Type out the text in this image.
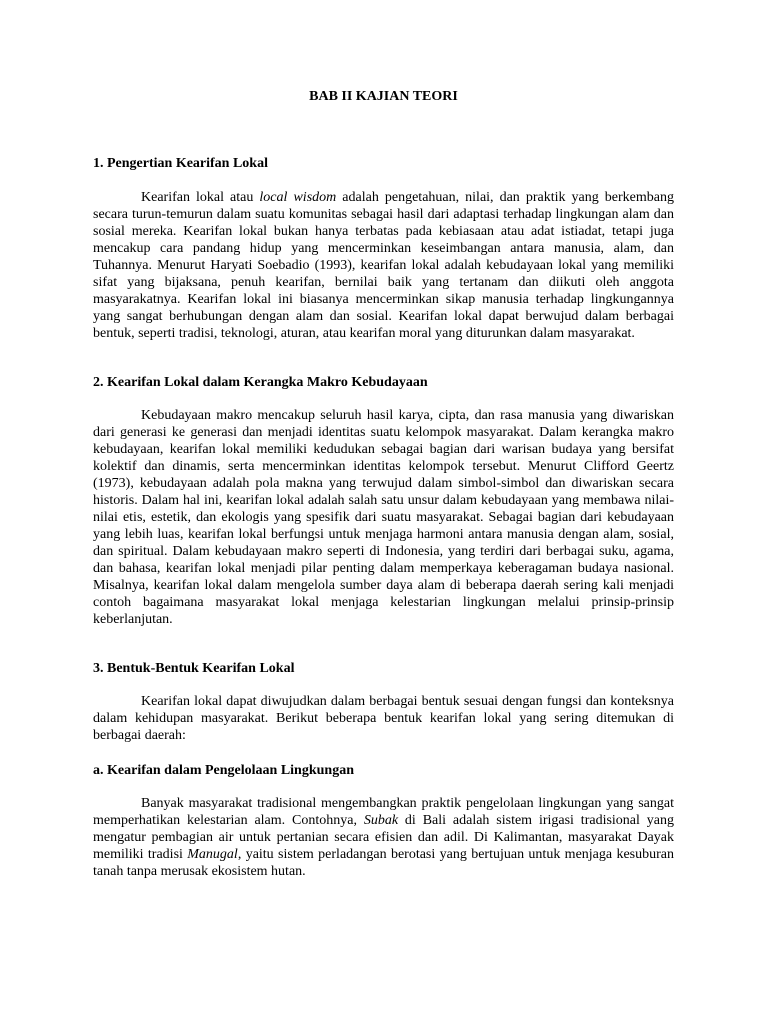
BAB II KAJIAN TEORI
1. Pengertian Kearifan Lokal

Kearifan lokal atau local wisdom adalah pengetahuan, nilai, dan praktik yang berkembang secara turun-temurun dalam suatu komunitas sebagai hasil dari adaptasi terhadap lingkungan alam dan sosial mereka. Kearifan lokal bukan hanya terbatas pada kebiasaan atau adat istiadat, tetapi juga mencakup cara pandang hidup yang mencerminkan keseimbangan antara manusia, alam, dan Tuhannya. Menurut Haryati Soebadio (1993), kearifan lokal adalah kebudayaan lokal yang memiliki sifat yang bijaksana, penuh kearifan, bernilai baik yang tertanam dan diikuti oleh anggota masyarakatnya. Kearifan lokal ini biasanya mencerminkan sikap manusia terhadap lingkungannya yang sangat berhubungan dengan alam dan sosial. Kearifan lokal dapat berwujud dalam berbagai bentuk, seperti tradisi, teknologi, aturan, atau kearifan moral yang diturunkan dalam masyarakat.

2. Kearifan Lokal dalam Kerangka Makro Kebudayaan

Kebudayaan makro mencakup seluruh hasil karya, cipta, dan rasa manusia yang diwariskan dari generasi ke generasi dan menjadi identitas suatu kelompok masyarakat. Dalam kerangka makro kebudayaan, kearifan lokal memiliki kedudukan sebagai bagian dari warisan budaya yang bersifat kolektif dan dinamis, serta mencerminkan identitas kelompok tersebut. Menurut Clifford Geertz (1973), kebudayaan adalah pola makna yang terwujud dalam simbol-simbol dan diwariskan secara historis. Dalam hal ini, kearifan lokal adalah salah satu unsur dalam kebudayaan yang membawa nilai-nilai etis, estetik, dan ekologis yang spesifik dari suatu masyarakat. Sebagai bagian dari kebudayaan yang lebih luas, kearifan lokal berfungsi untuk menjaga harmoni antara manusia dengan alam, sosial, dan spiritual. Dalam kebudayaan makro seperti di Indonesia, yang terdiri dari berbagai suku, agama, dan bahasa, kearifan lokal menjadi pilar penting dalam memperkaya keberagaman budaya nasional. Misalnya, kearifan lokal dalam mengelola sumber daya alam di beberapa daerah sering kali menjadi contoh bagaimana masyarakat lokal menjaga kelestarian lingkungan melalui prinsip-prinsip keberlanjutan.

3. Bentuk-Bentuk Kearifan Lokal

Kearifan lokal dapat diwujudkan dalam berbagai bentuk sesuai dengan fungsi dan konteksnya dalam kehidupan masyarakat. Berikut beberapa bentuk kearifan lokal yang sering ditemukan di berbagai daerah:

a. Kearifan dalam Pengelolaan Lingkungan

Banyak masyarakat tradisional mengembangkan praktik pengelolaan lingkungan yang sangat memperhatikan kelestarian alam. Contohnya, Subak di Bali adalah sistem irigasi tradisional yang mengatur pembagian air untuk pertanian secara efisien dan adil. Di Kalimantan, masyarakat Dayak memiliki tradisi Manugal, yaitu sistem perladangan berotasi yang bertujuan untuk menjaga kesuburan tanah tanpa merusak ekosistem hutan.
